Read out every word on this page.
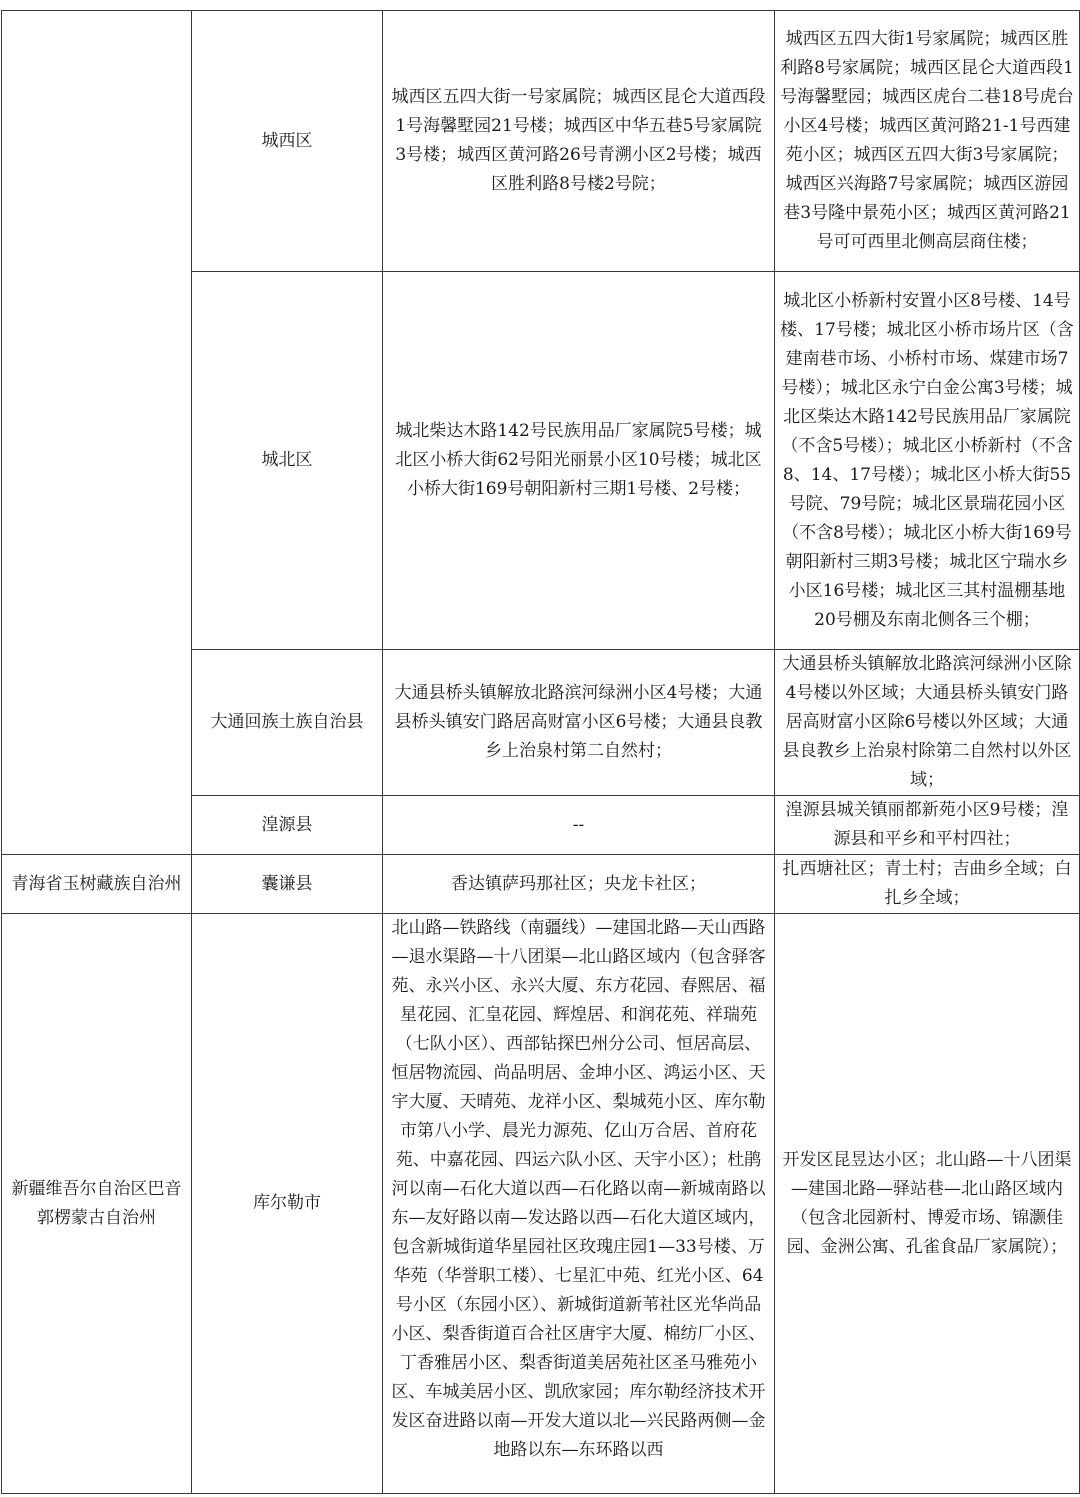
	城西区	城西区五四大街一号家属院；城西区昆仑大道西段1号海馨墅园21号楼；城西区中华五巷5号家属院3号楼；城西区黄河路26号青溯小区2号楼；城西区胜利路8号楼2号院；	城西区五四大街1号家属院；城西区胜利路8号家属院；城西区昆仑大道西段1号海馨墅园；城西区虎台二巷18号虎台小区4号楼；城西区黄河路21-1号西建苑小区；城西区五四大街3号家属院；城西区兴海路7号家属院；城西区游园巷3号隆中景苑小区；城西区黄河路21号可可西里北侧高层商住楼；
	城北区	城北柴达木路142号民族用品厂家属院5号楼；城北区小桥大街62号阳光丽景小区10号楼；城北区小桥大街169号朝阳新村三期1号楼、2号楼；	城北区小桥新村安置小区8号楼、14号楼、17号楼；城北区小桥市场片区（含建南巷市场、小桥村市场、煤建市场7号楼）；城北区永宁白金公寓3号楼；城北区柴达木路142号民族用品厂家属院（不含5号楼）；城北区小桥新村（不含8、14、17号楼）；城北区小桥大街55号院、79号院；城北区景瑞花园小区（不含8号楼）；城北区小桥大街169号朝阳新村三期3号楼；城北区宁瑞水乡小区16号楼；城北区三其村温棚基地20号棚及东南北侧各三个棚；
	大通回族土族自治县	大通县桥头镇解放北路滨河绿洲小区4号楼；大通县桥头镇安门路居高财富小区6号楼；大通县良教乡上治泉村第二自然村；	大通县桥头镇解放北路滨河绿洲小区除4号楼以外区域；大通县桥头镇安门路居高财富小区除6号楼以外区域；大通县良教乡上治泉村除第二自然村以外区域；
	湟源县	--	湟源县城关镇丽都新苑小区9号楼；湟源县和平乡和平村四社；
青海省玉树藏族自治州	囊谦县	香达镇萨玛那社区；央龙卡社区；	扎西塘社区；青土村；吉曲乡全域；白扎乡全域；
新疆维吾尔自治区巴音郭楞蒙古自治州	库尔勒市	北山路—铁路线（南疆线）—建国北路—天山西路—退水渠路—十八团渠—北山路区域内（包含驿客苑、永兴小区、永兴大厦、东方花园、春熙居、福星花园、汇皇花园、辉煌居、和润花苑、祥瑞苑（七队小区）、西部钻探巴州分公司、恒居高层、恒居物流园、尚品明居、金坤小区、鸿运小区、天宇大厦、天晴苑、龙祥小区、梨城苑小区、库尔勒市第八小学、晨光力源苑、亿山万合居、首府花苑、中嘉花园、四运六队小区、天宇小区）；杜鹃河以南—石化大道以西—石化路以南—新城南路以东—友好路以南—发达路以西—石化大道区域内，包含新城街道华星园社区玫瑰庄园1—33号楼、万华苑（华誉职工楼）、七星汇中苑、红光小区、64号小区（东园小区）、新城街道新苇社区光华尚品小区、梨香街道百合社区唐宇大厦、棉纺厂小区、丁香雅居小区、梨香街道美居苑社区圣马雅苑小区、车城美居小区、凯欣家园；库尔勒经济技术开发区奋进路以南—开发大道以北—兴民路两侧—金地路以东—东环路以西	开发区昆昱达小区；北山路—十八团渠—建国北路—驿站巷—北山路区域内（包含北园新村、博爱市场、锦灏佳园、金洲公寓、孔雀食品厂家属院）；
